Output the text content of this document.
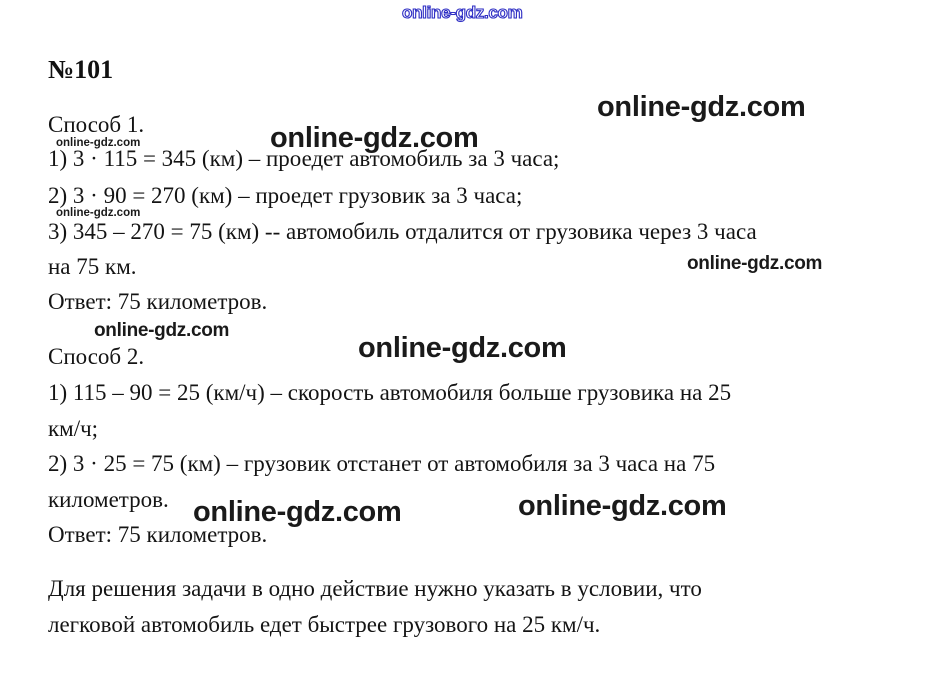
online-gdz.com
online-gdz.com
online-gdz.com
online-gdz.com
online-gdz.com
online-gdz.com
online-gdz.com
online-gdz.com
online-gdz.com	online-gdz.com
№101
Способ 1.
1) 3 · 115 = 345 (км) – проедет автомобиль за 3 часа;
2) 3 · 90 = 270 (км) – проедет грузовик за 3 часа;
3) 345 – 270 = 75 (км) -- автомобиль отдалится от грузовика через 3 часа
на 75 км.
Ответ: 75 километров.
Способ 2.
1) 115 – 90 = 25 (км/ч) – скорость автомобиля больше грузовика на 25
км/ч;
2) 3 · 25 = 75 (км) – грузовик отстанет от автомобиля за 3 часа на 75
километров.
Ответ: 75 километров.
Для решения задачи в одно действие нужно указать в условии, что
легковой автомобиль едет быстрее грузового на 25 км/ч.
